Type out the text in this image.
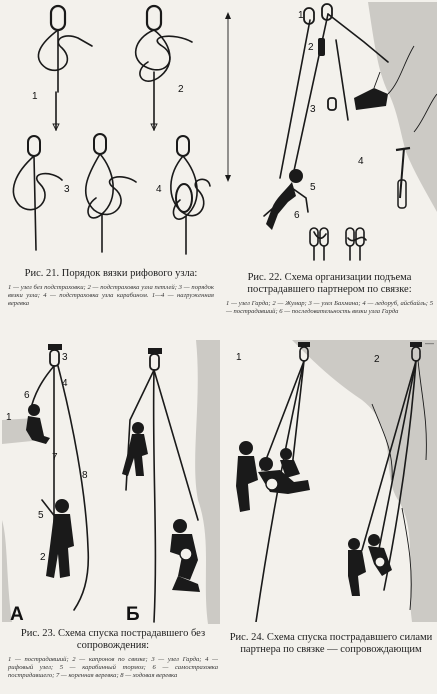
1
2
3	4
Рис. 21. Порядок вязки рифового узла:
1 — узел без подстраховки; 2 — подстраховка узла петлей; 3 — порядок вязки узла; 4 — подстраховка узла карабином. 1—4 — нагруженная веревка
1
2
3
4
5
6
Рис. 22. Схема организации подъема пострадавшего партнером по связке:
1 — узел Гарда; 2 — Жумар; 3 — узел Бахмана; 4 — ледоруб, айсбайль; 5 — пострадавший; 6 — последовательность вязки узла Гарда
3
4
6
1
7
8
5
2
А	Б
Рис. 23. Схема спуска пострадавшего без сопровождения:
1 — пострадавший; 2 — капронов по связке; 3 — узел Гарда; 4 — рифовый узел; 5 — карабинный тормоз; 6 — самостраховка пострадавшего; 7 — коренная веревка; 8 — ходовая веревка
1	2
Рис. 24. Схема спуска пострадавшего силами партнера по связке — сопровождающим
—
